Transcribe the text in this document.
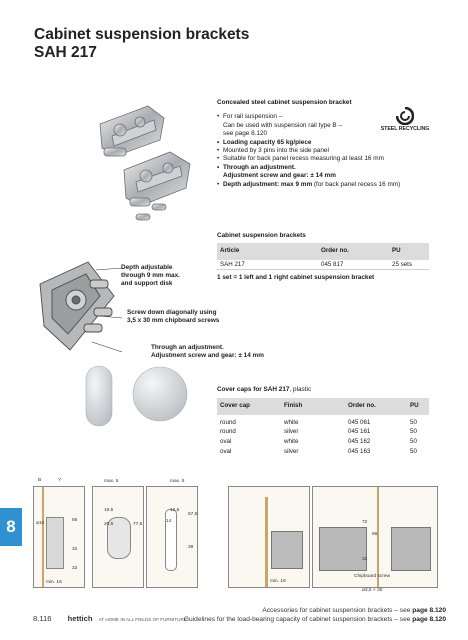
Cabinet suspension brackets
SAH 217
Concealed steel cabinet suspension bracket
• For rail suspension –
Can be used with suspension rail type B –
see page 8.120
• Loading capacity 65 kg/piece
• Mounted by 3 pins into the side panel
• Suitable for back panel recess measuring at least 16 mm
• Through an adjustment.
Adjustment screw and gear: ± 14 mm
• Depth adjustment: max 9 mm (for back panel recess 16 mm)
STEEL RECYCLING
Cabinet suspension brackets
Article	Order no.	PU
SAH 217	045 817	25 sets
1 set = 1 left and 1 right cabinet suspension bracket
Depth adjustable
through 9 mm max.
and support disk
Screw down diagonally using
3,5 x 30 mm chipboard screws
Through an adjustment.
Adjustment screw and gear: ± 14 mm
Cover caps for SAH 217, plastic
Cover cap	Finish	Order no.	PU
round	white	045 061	50
round	silver	045 161	50
oval	white	045 162	50
oval	silver	045 163	50
8
B	Y	max. 5
56
ø10
32
32
min. 16
19,5
20,5	77,5
max. 5
12,5
14
57,5
39
min. 16
72
96
32
Chipboard screw
ø3,5 × 30
8.116 hettich AT HOME IN ALL FIELDS OF FURNITURE
Accessories for cabinet suspension brackets – see page 8.120
Guidelines for the load-bearing capacity of cabinet suspension brackets – see page 8.120
